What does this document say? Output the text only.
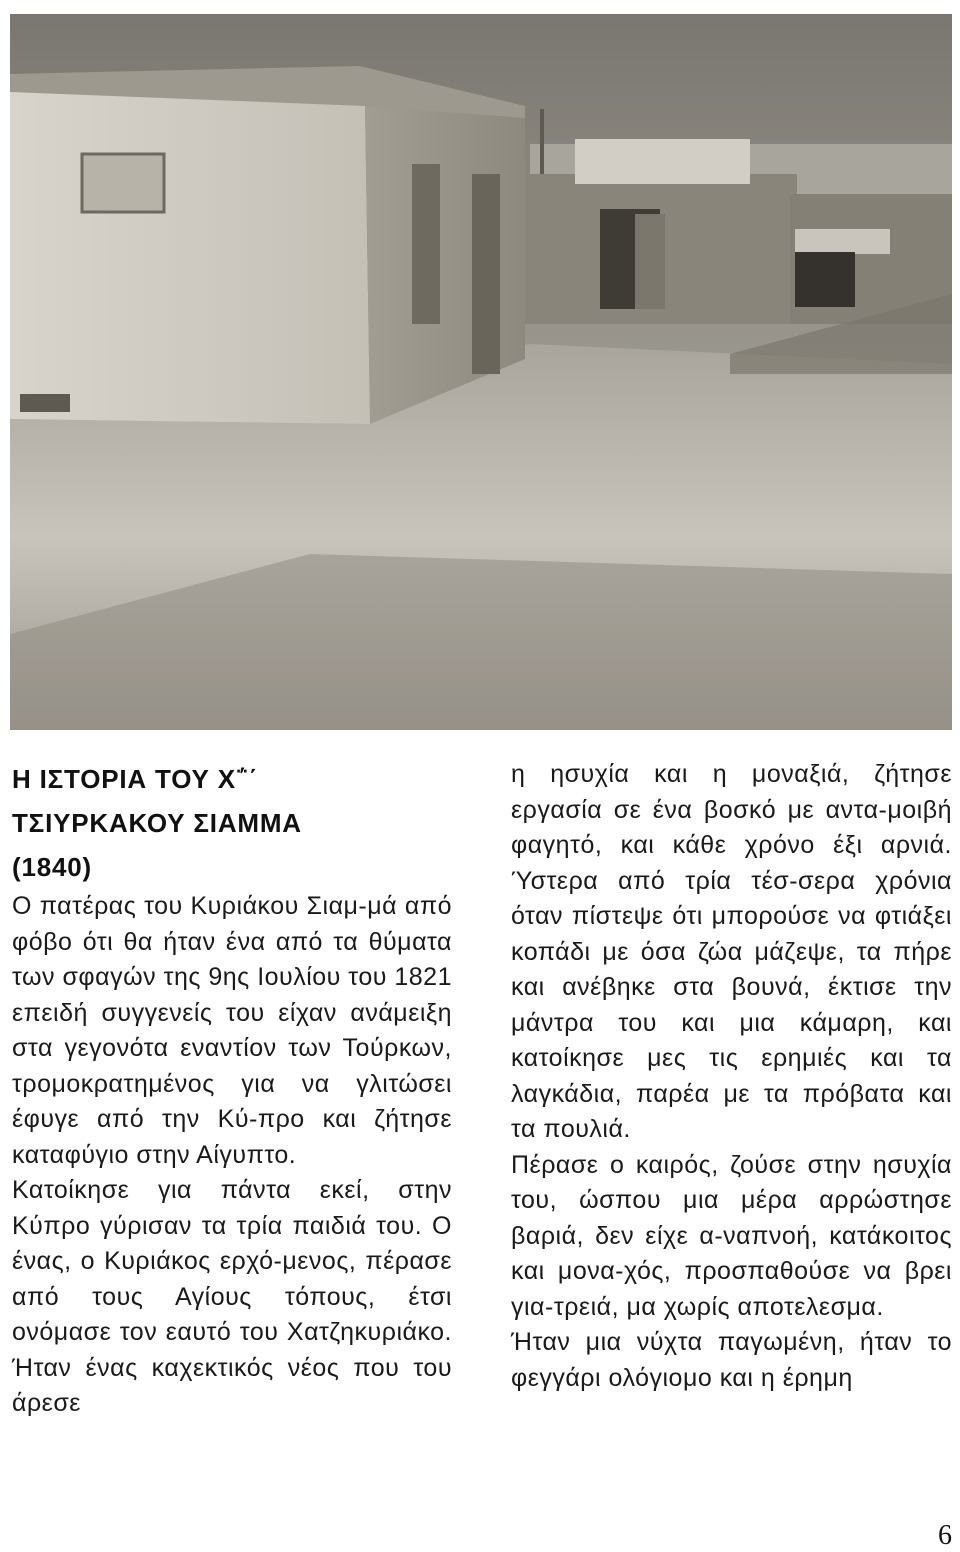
Η ΙΣΤΟΡΙΑ ΤΟΥ Χ΅΄
ΤΣΙΥΡΚΑΚΟΥ ΣΙΑΜΜΑ
(1840)

Ο πατέρας του Κυριάκου Σιαμ-μά από φόβο ότι θα ήταν ένα από τα θύματα των σφαγών της 9ης Ιουλίου του 1821 επειδή συγγενείς του είχαν ανάμειξη στα γεγονότα εναντίον των Τούρκων, τρομοκρατημένος για να γλιτώσει έφυγε από την Κύ-προ και ζήτησε καταφύγιο στην Αίγυπτο.

Κατοίκησε για πάντα εκεί, στην Κύπρο γύρισαν τα τρία παιδιά του. Ο ένας, ο Κυριάκος ερχό-μενος, πέρασε από τους Αγίους τόπους, έτσι ονόμασε τον εαυτό του Χατζηκυριάκο. Ήταν ένας καχεκτικός νέος που του άρεσε

η ησυχία και η μοναξιά, ζήτησε εργασία σε ένα βοσκό με αντα-μοιβή φαγητό, και κάθε χρόνο έξι αρνιά. Ύστερα από τρία τέσ-σερα χρόνια όταν πίστεψε ότι μπορούσε να φτιάξει κοπάδι με όσα ζώα μάζεψε, τα πήρε και ανέβηκε στα βουνά, έκτισε την μάντρα του και μια κάμαρη, και κατοίκησε μες τις ερημιές και τα λαγκάδια, παρέα με τα πρόβατα και τα πουλιά.

Πέρασε ο καιρός, ζούσε στην ησυχία του, ώσπου μια μέρα αρρώστησε βαριά, δεν είχε α-ναπνοή, κατάκοιτος και μονα-χός, προσπαθούσε να βρει για-τρειά, μα χωρίς αποτελεσμα.

Ήταν μια νύχτα παγωμένη, ήταν το φεγγάρι ολόγιομο και η έρημη

6
